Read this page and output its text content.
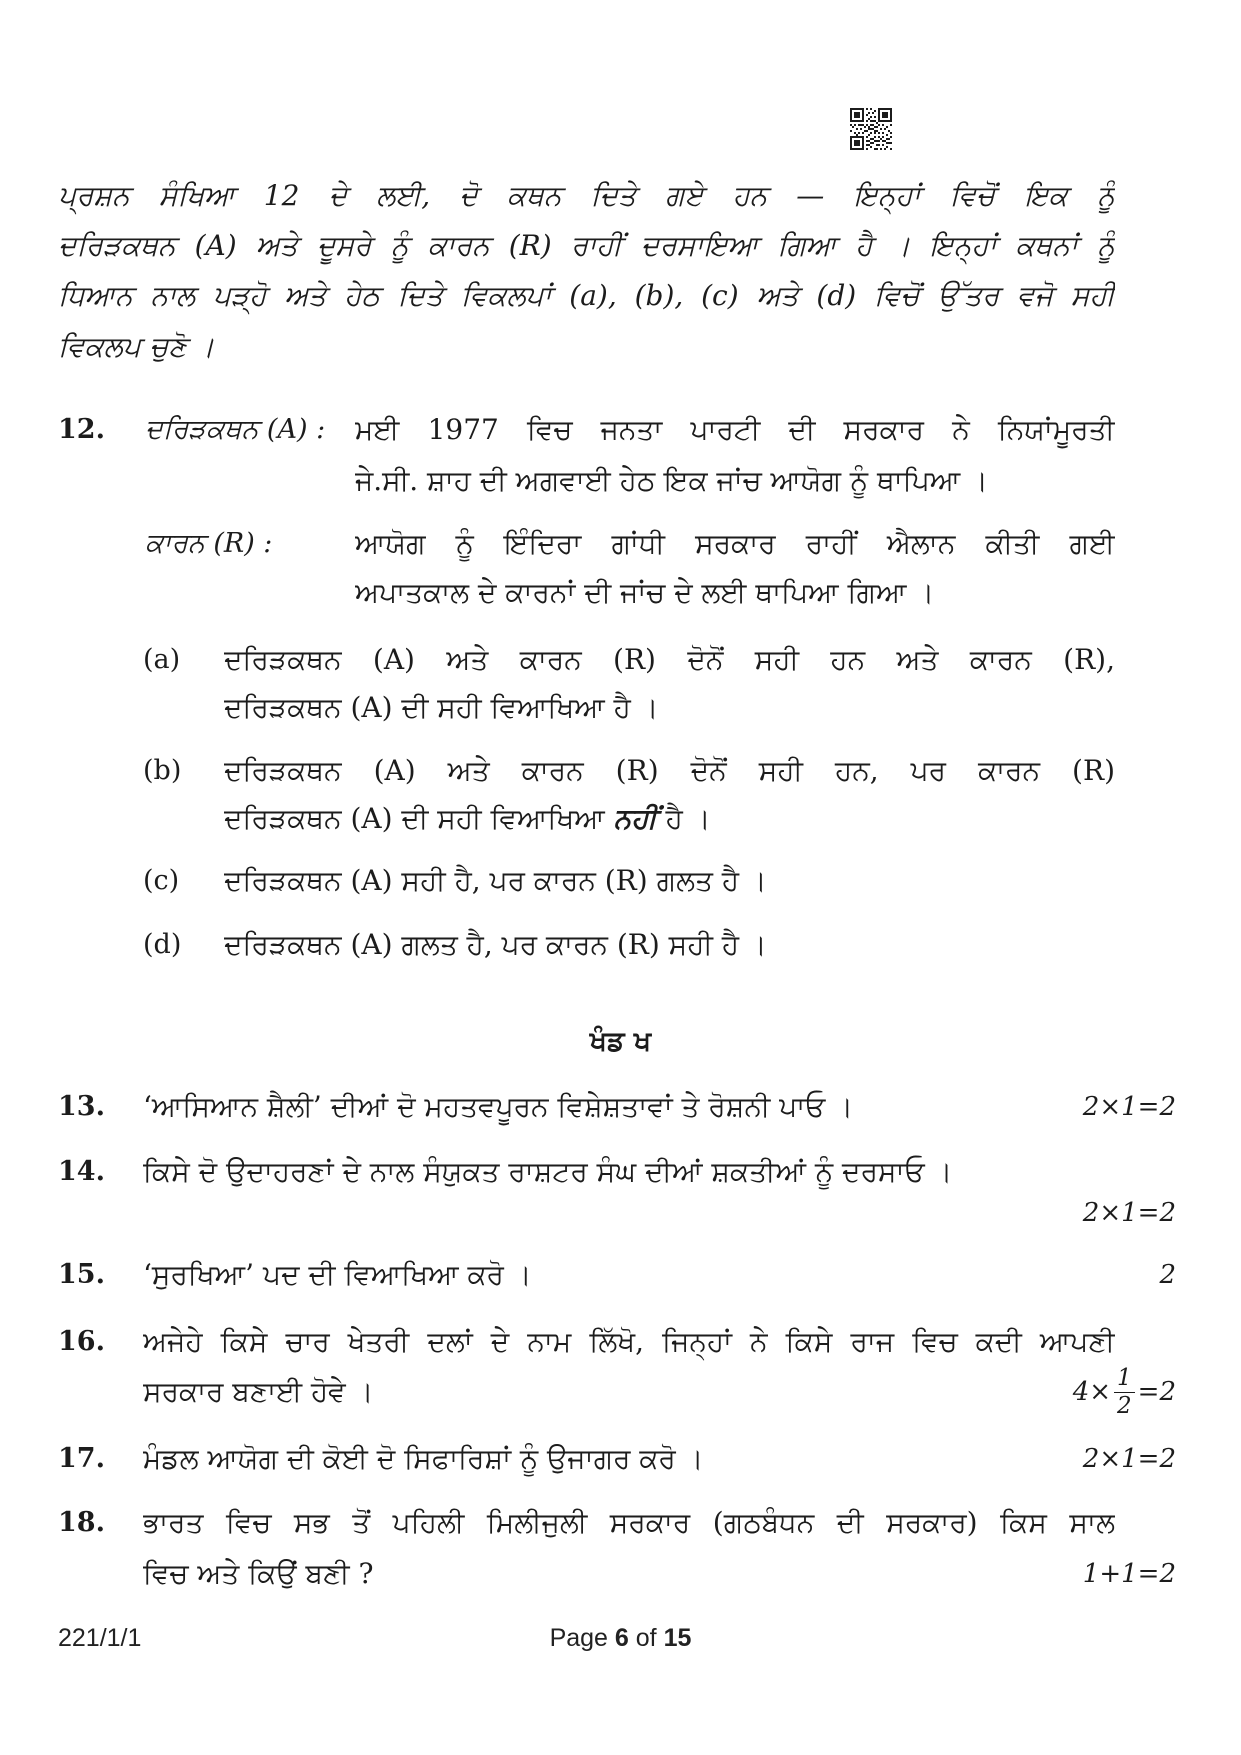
ਪ੍ਰਸ਼ਨ ਸੰਖਿਆ 12 ਦੇ ਲਈ, ਦੋ ਕਥਨ ਦਿਤੇ ਗਏ ਹਨ — ਇਨ੍ਹਾਂ ਵਿਚੋਂ ਇਕ ਨੂੰ
ਦਰਿੜਕਥਨ (A) ਅਤੇ ਦੂਸਰੇ ਨੂੰ ਕਾਰਨ (R) ਰਾਹੀਂ ਦਰਸਾਇਆ ਗਿਆ ਹੈ । ਇਨ੍ਹਾਂ ਕਥਨਾਂ ਨੂੰ
ਧਿਆਨ ਨਾਲ ਪੜ੍ਹੋ ਅਤੇ ਹੇਠ ਦਿਤੇ ਵਿਕਲਪਾਂ (a), (b), (c) ਅਤੇ (d) ਵਿਚੋਂ ਉੱਤਰ ਵਜੋ ਸਹੀ
ਵਿਕਲਪ ਚੁਣੋ ।
12.	ਦਰਿੜਕਥਨ (A) :	ਮਈ 1977 ਵਿਚ ਜਨਤਾ ਪਾਰਟੀ ਦੀ ਸਰਕਾਰ ਨੇ ਨਿਯਾਂਮੂਰਤੀ
ਜੇ.ਸੀ. ਸ਼ਾਹ ਦੀ ਅਗਵਾਈ ਹੇਠ ਇਕ ਜਾਂਚ ਆਯੋਗ ਨੂੰ ਥਾਪਿਆ ।
ਕਾਰਨ (R) :	ਆਯੋਗ ਨੂੰ ਇੰਦਿਰਾ ਗਾਂਧੀ ਸਰਕਾਰ ਰਾਹੀਂ ਐਲਾਨ ਕੀਤੀ ਗਈ
ਅਪਾਤਕਾਲ ਦੇ ਕਾਰਨਾਂ ਦੀ ਜਾਂਚ ਦੇ ਲਈ ਥਾਪਿਆ ਗਿਆ ।
(a)	ਦਰਿੜਕਥਨ (A) ਅਤੇ ਕਾਰਨ (R) ਦੋਨੋਂ ਸਹੀ ਹਨ ਅਤੇ ਕਾਰਨ (R),
ਦਰਿੜਕਥਨ (A) ਦੀ ਸਹੀ ਵਿਆਖਿਆ ਹੈ ।
(b)	ਦਰਿੜਕਥਨ (A) ਅਤੇ ਕਾਰਨ (R) ਦੋਨੋਂ ਸਹੀ ਹਨ, ਪਰ ਕਾਰਨ (R)
ਦਰਿੜਕਥਨ (A) ਦੀ ਸਹੀ ਵਿਆਖਿਆ ਨਹੀਂ ਹੈ ।
(c)	ਦਰਿੜਕਥਨ (A) ਸਹੀ ਹੈ, ਪਰ ਕਾਰਨ (R) ਗਲਤ ਹੈ ।
(d)	ਦਰਿੜਕਥਨ (A) ਗਲਤ ਹੈ, ਪਰ ਕਾਰਨ (R) ਸਹੀ ਹੈ ।
ਖੰਡ ਖ
13.	‘ਆਸਿਆਨ ਸ਼ੈਲੀ’ ਦੀਆਂ ਦੋ ਮਹਤਵਪੂਰਨ ਵਿਸ਼ੇਸ਼ਤਾਵਾਂ ਤੇ ਰੋਸ਼ਨੀ ਪਾਓ ।	2×1=2
14.	ਕਿਸੇ ਦੋ ਉਦਾਹਰਣਾਂ ਦੇ ਨਾਲ ਸੰਯੁਕਤ ਰਾਸ਼ਟਰ ਸੰਘ ਦੀਆਂ ਸ਼ਕਤੀਆਂ ਨੂੰ ਦਰਸਾਓ ।
2×1=2
15.	‘ਸੁਰਖਿਆ’ ਪਦ ਦੀ ਵਿਆਖਿਆ ਕਰੋ ।	2
16.	ਅਜੇਹੇ ਕਿਸੇ ਚਾਰ ਖੇਤਰੀ ਦਲਾਂ ਦੇ ਨਾਮ ਲਿੱਖੋ, ਜਿਨ੍ਹਾਂ ਨੇ ਕਿਸੇ ਰਾਜ ਵਿਚ ਕਦੀ ਆਪਣੀ
ਸਰਕਾਰ ਬਣਾਈ ਹੋਵੇ ।	$4\times \frac{1}{2} =2$
17.	ਮੰਡਲ ਆਯੋਗ ਦੀ ਕੋਈ ਦੋ ਸਿਫਾਰਿਸ਼ਾਂ ਨੂੰ ਉਜਾਗਰ ਕਰੋ ।	2×1=2
18.	ਭਾਰਤ ਵਿਚ ਸਭ ਤੋਂ ਪਹਿਲੀ ਮਿਲੀਜੁਲੀ ਸਰਕਾਰ (ਗਠਬੰਧਨ ਦੀ ਸਰਕਾਰ) ਕਿਸ ਸਾਲ
ਵਿਚ ਅਤੇ ਕਿਉਂ ਬਣੀ ?	1+1=2
221/1/1	Page 6 of 15
